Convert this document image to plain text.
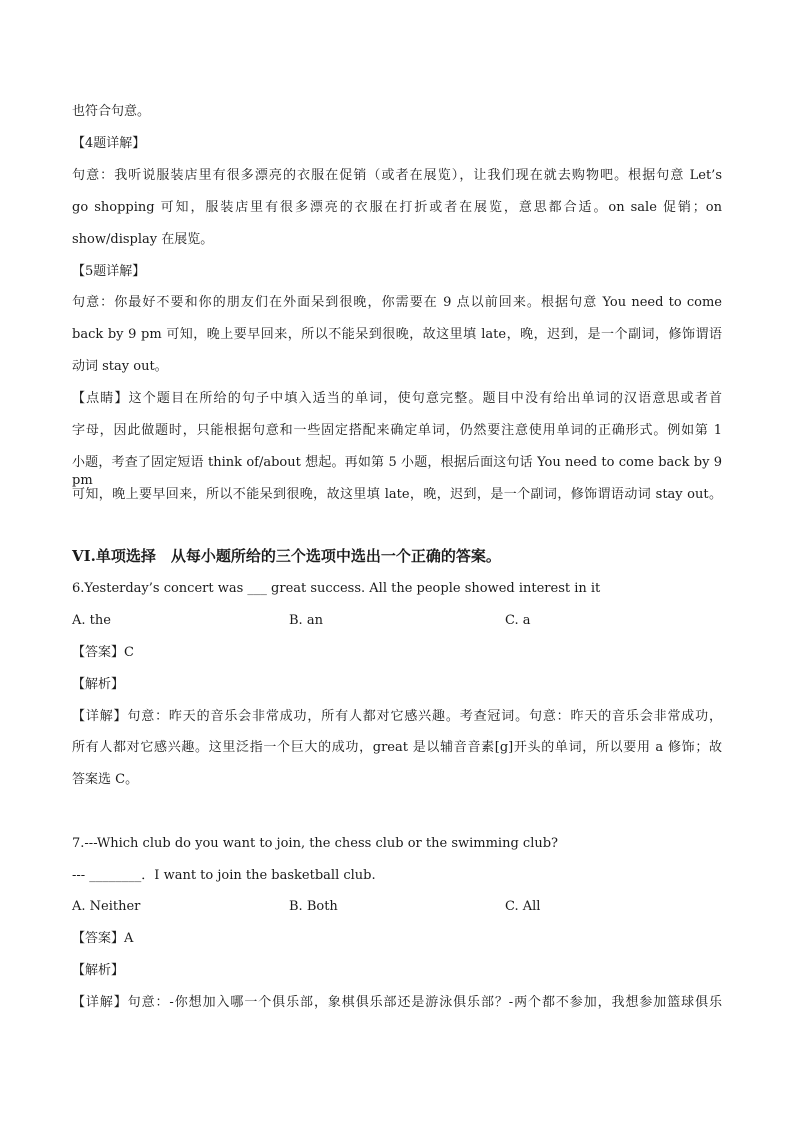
也符合句意。
【4题详解】
句意：我听说服装店里有很多漂亮的衣服在促销（或者在展览），让我们现在就去购物吧。根据句意 Let’s
go shopping 可知，服装店里有很多漂亮的衣服在打折或者在展览，意思都合适。on sale 促销；on
show/display 在展览。
【5题详解】
句意：你最好不要和你的朋友们在外面呆到很晚，你需要在 9 点以前回来。根据句意 You need to come
back by 9 pm 可知，晚上要早回来，所以不能呆到很晚，故这里填 late，晚，迟到，是一个副词，修饰谓语
动词 stay out。
【点睛】这个题目在所给的句子中填入适当的单词，使句意完整。题目中没有给出单词的汉语意思或者首
字母，因此做题时，只能根据句意和一些固定搭配来确定单词，仍然要注意使用单词的正确形式。例如第 1
小题，考查了固定短语 think of/about 想起。再如第 5 小题，根据后面这句话 You need to come back by 9 pm
可知，晚上要早回来，所以不能呆到很晚，故这里填 late，晚，迟到，是一个副词，修饰谓语动词 stay out。
VI.单项选择　从每小题所给的三个选项中选出一个正确的答案。
6.Yesterday’s concert was ___ great success. All the people showed interest in it
A. the	B. an	C. a
【答案】C
【解析】
【详解】句意：昨天的音乐会非常成功，所有人都对它感兴趣。考查冠词。句意：昨天的音乐会非常成功，
所有人都对它感兴趣。这里泛指一个巨大的成功，great 是以辅音音素[g]开头的单词，所以要用 a 修饰；故
答案选 C。
7.---Which club do you want to join, the chess club or the swimming club?
--- ________．I want to join the basketball club.
A. Neither	B. Both	C. All
【答案】A
【解析】
【详解】句意：-你想加入哪一个俱乐部，象棋俱乐部还是游泳俱乐部？-两个都不参加，我想参加篮球俱乐
